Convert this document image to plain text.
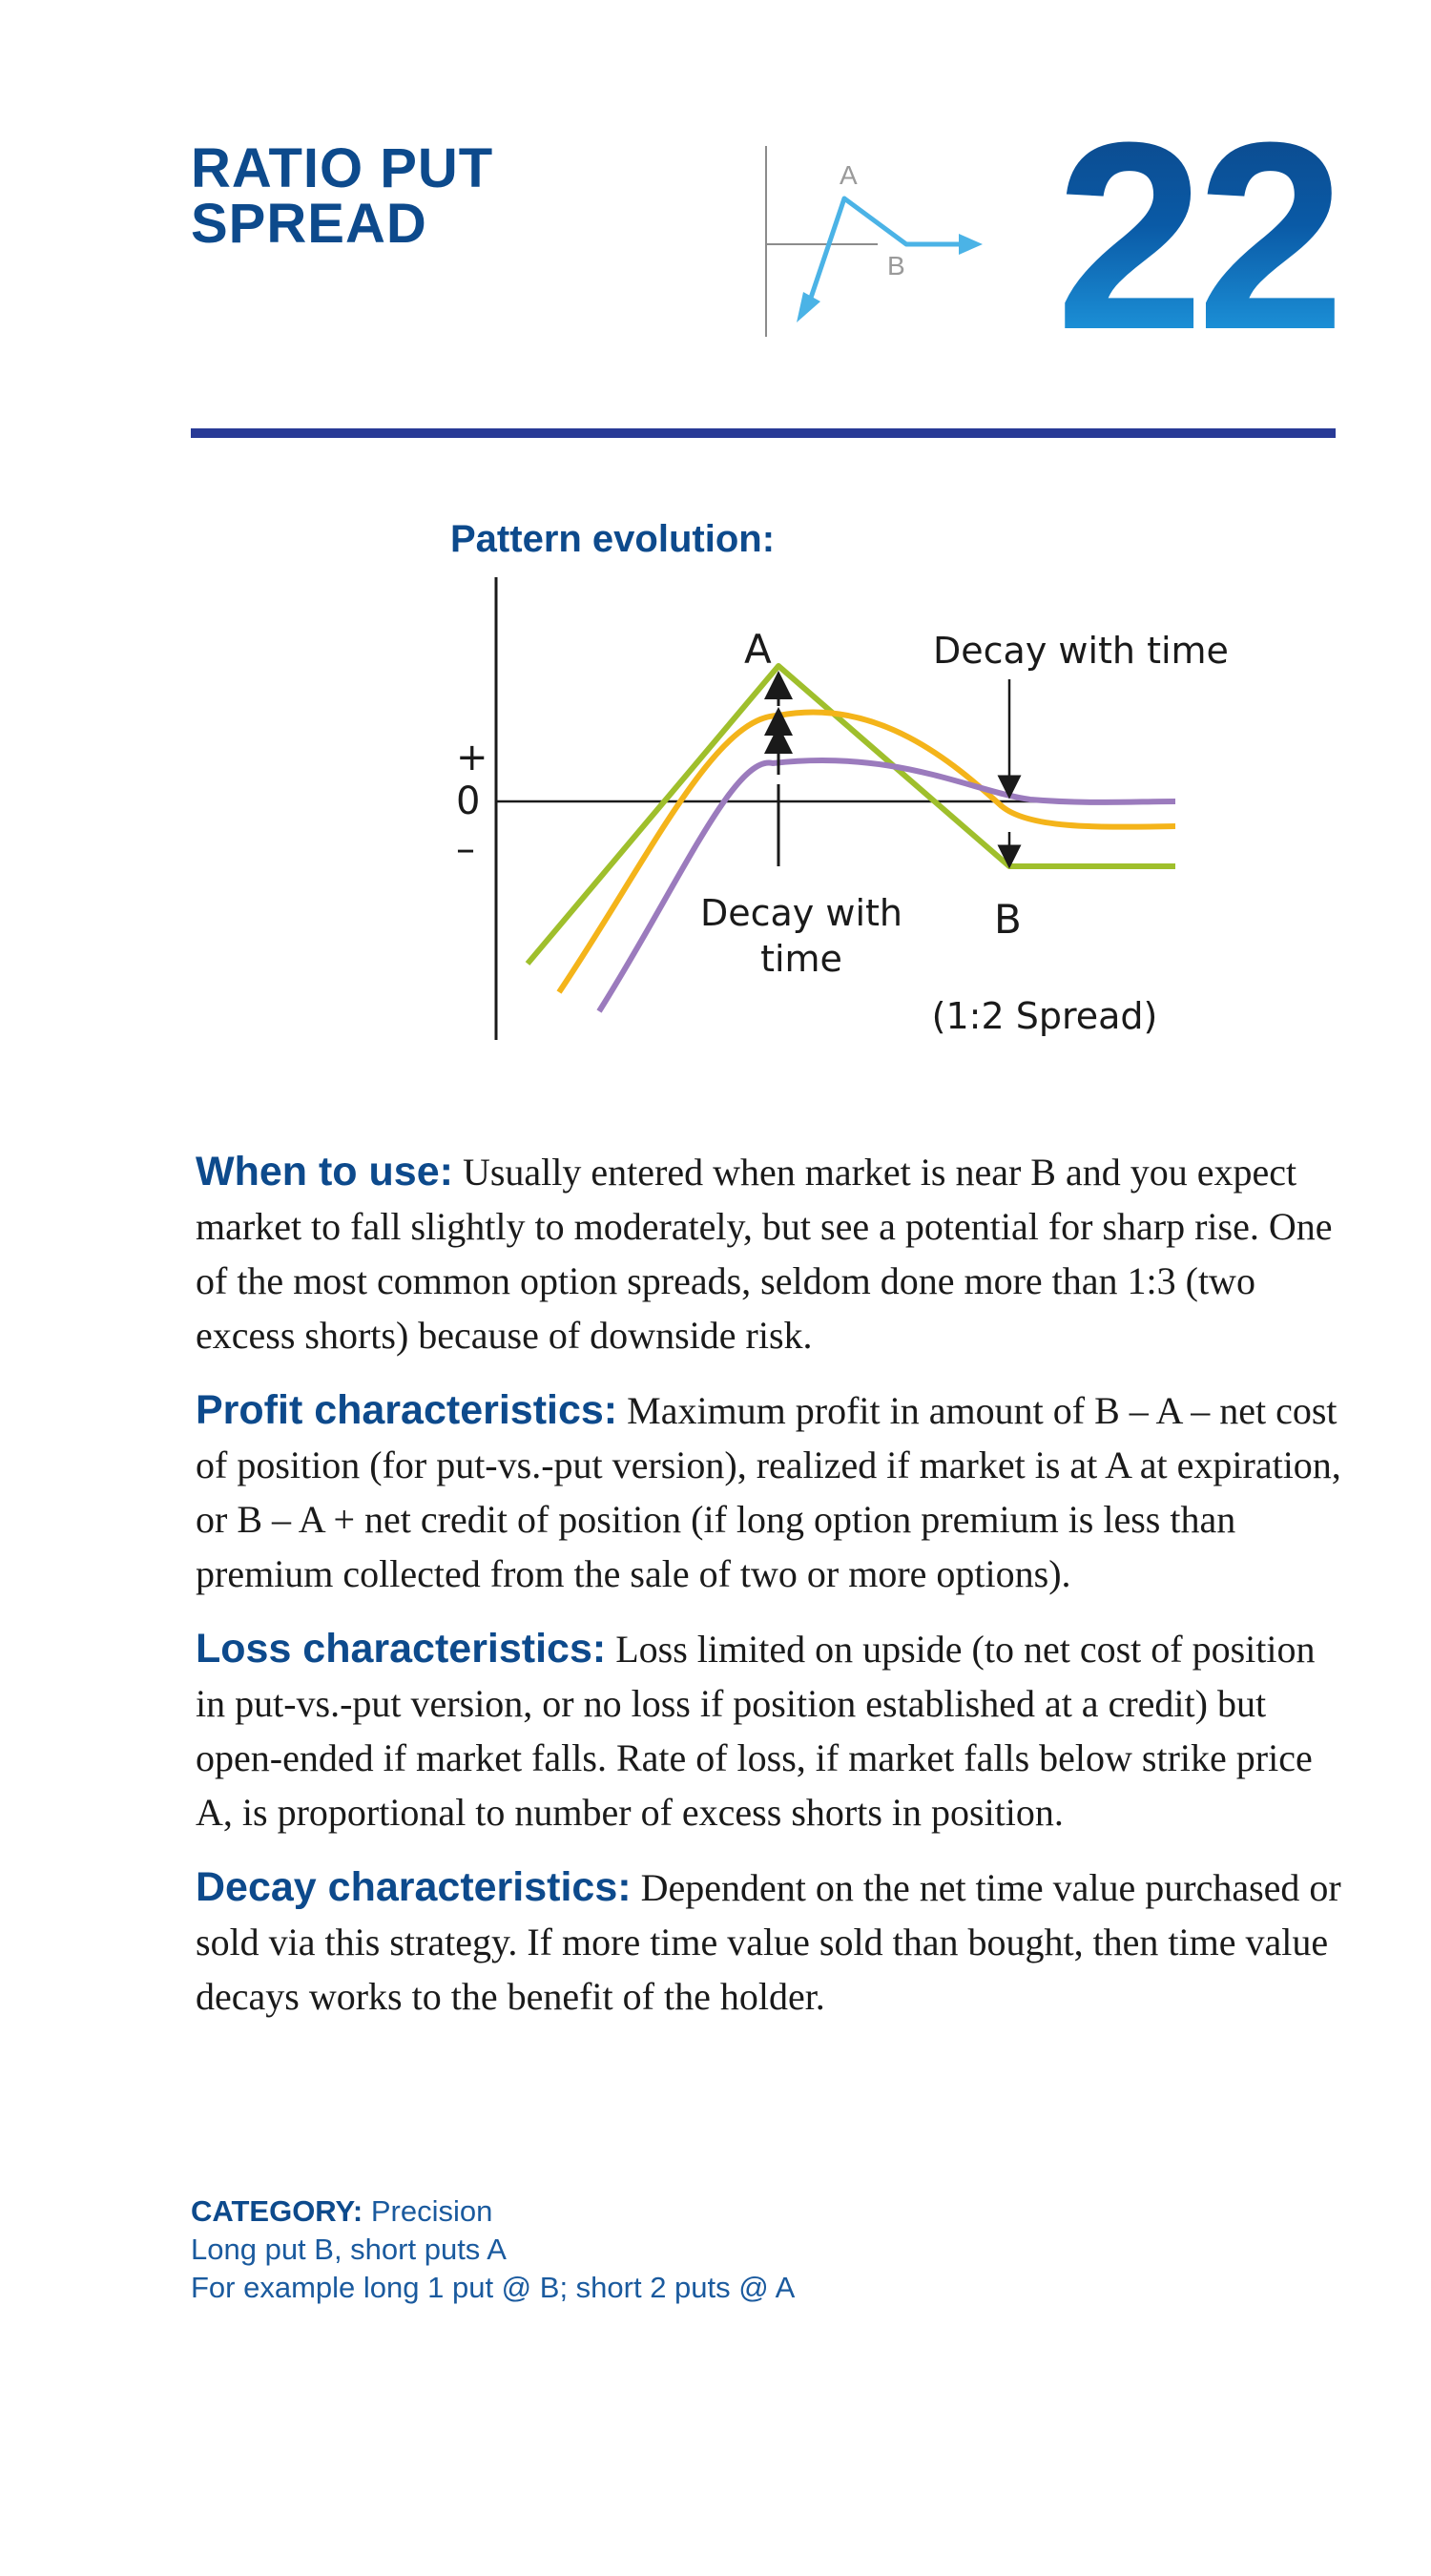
RATIO PUT
SPREAD
A
B 22
Pattern evolution:
+
0
–
A
B
Decay with time
Decay with
time
(1:2 Spread)

When to use: Usually entered when market is near B and you expect market to fall slightly to moderately, but see a potential for sharp rise. One of the most common option spreads, seldom done more than 1:3 (two excess shorts) because of downside risk.

Profit characteristics: Maximum profit in amount of B – A – net cost of position (for put-vs.-put version), realized if market is at A at expiration, or B – A + net credit of position (if long option premium is less than premium collected from the sale of two or more options).

Loss characteristics: Loss limited on upside (to net cost of position in put-vs.-put version, or no loss if position established at a credit) but open-ended if market falls. Rate of loss, if market falls below strike price A, is proportional to number of excess shorts in position.

Decay characteristics: Dependent on the net time value purchased or sold via this strategy. If more time value sold than bought, then time value decays works to the benefit of the holder.

CATEGORY: Precision
Long put B, short puts A
For example long 1 put @ B; short 2 puts @ A
